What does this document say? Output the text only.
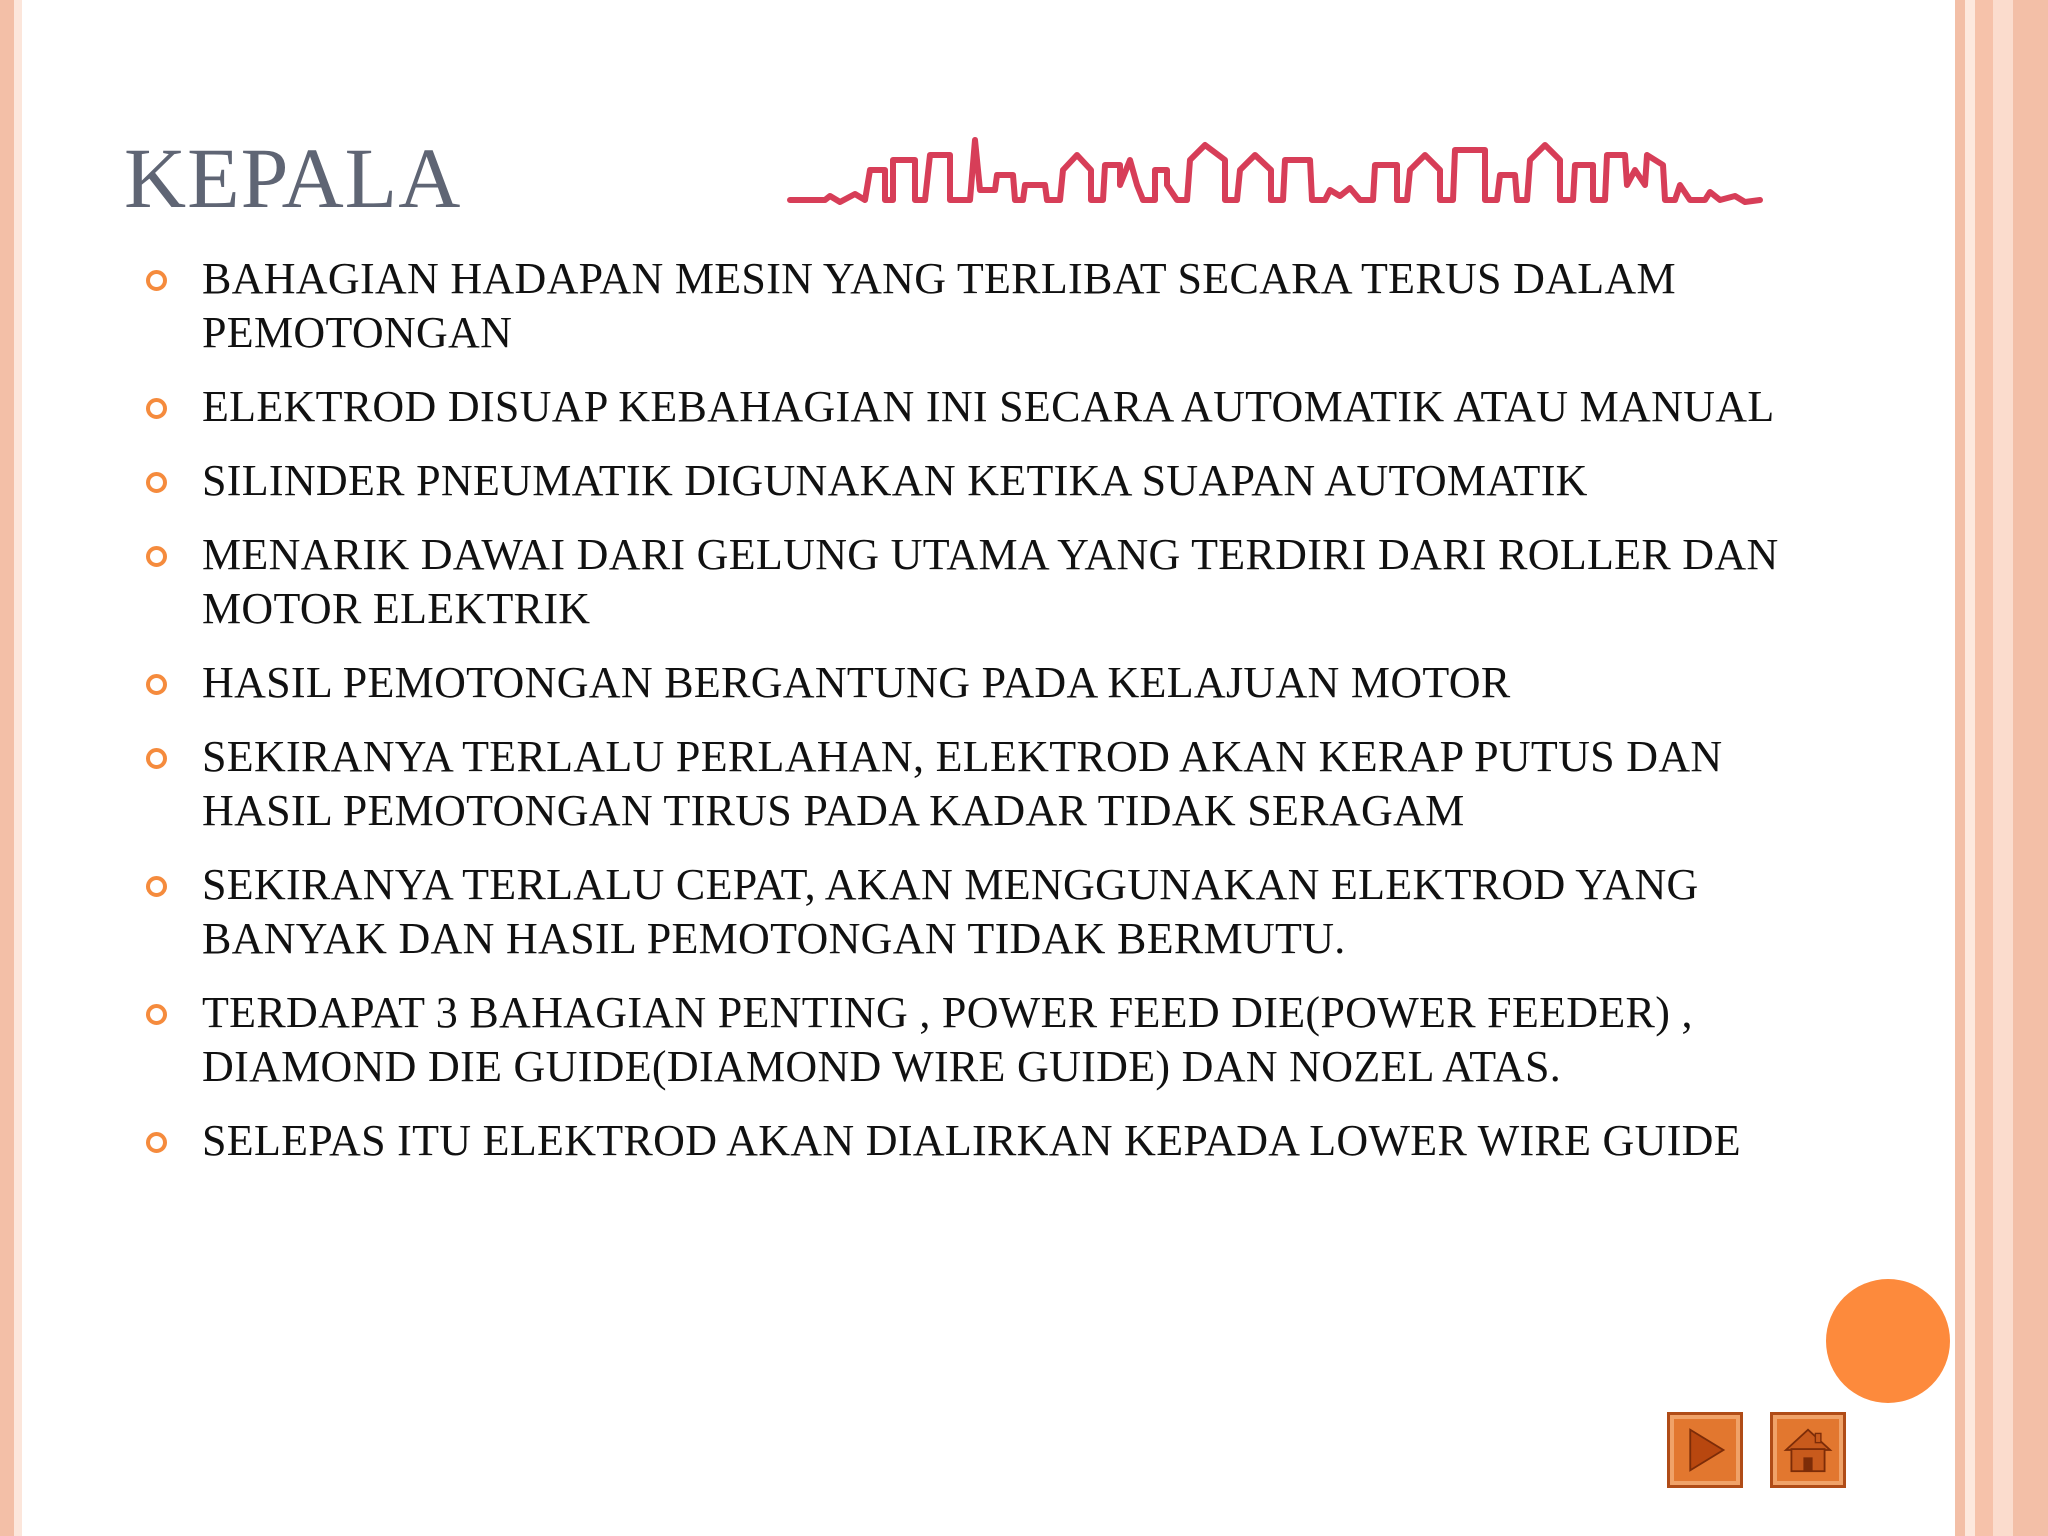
KEPALA
BAHAGIAN HADAPAN MESIN YANG TERLIBAT SECARA TERUS DALAM PEMOTONGAN
ELEKTROD DISUAP KEBAHAGIAN INI SECARA AUTOMATIK ATAU MANUAL
SILINDER PNEUMATIK DIGUNAKAN KETIKA SUAPAN AUTOMATIK
MENARIK DAWAI DARI GELUNG UTAMA YANG TERDIRI DARI ROLLER DAN MOTOR ELEKTRIK
HASIL PEMOTONGAN BERGANTUNG PADA KELAJUAN MOTOR
SEKIRANYA TERLALU PERLAHAN, ELEKTROD AKAN KERAP PUTUS DAN HASIL PEMOTONGAN TIRUS PADA KADAR TIDAK SERAGAM
SEKIRANYA TERLALU CEPAT, AKAN MENGGUNAKAN ELEKTROD YANG BANYAK DAN HASIL PEMOTONGAN TIDAK BERMUTU.
TERDAPAT 3 BAHAGIAN PENTING , POWER FEED DIE(POWER FEEDER) , DIAMOND DIE GUIDE(DIAMOND WIRE GUIDE) DAN NOZEL ATAS.
SELEPAS ITU ELEKTROD AKAN DIALIRKAN KEPADA LOWER WIRE GUIDE
